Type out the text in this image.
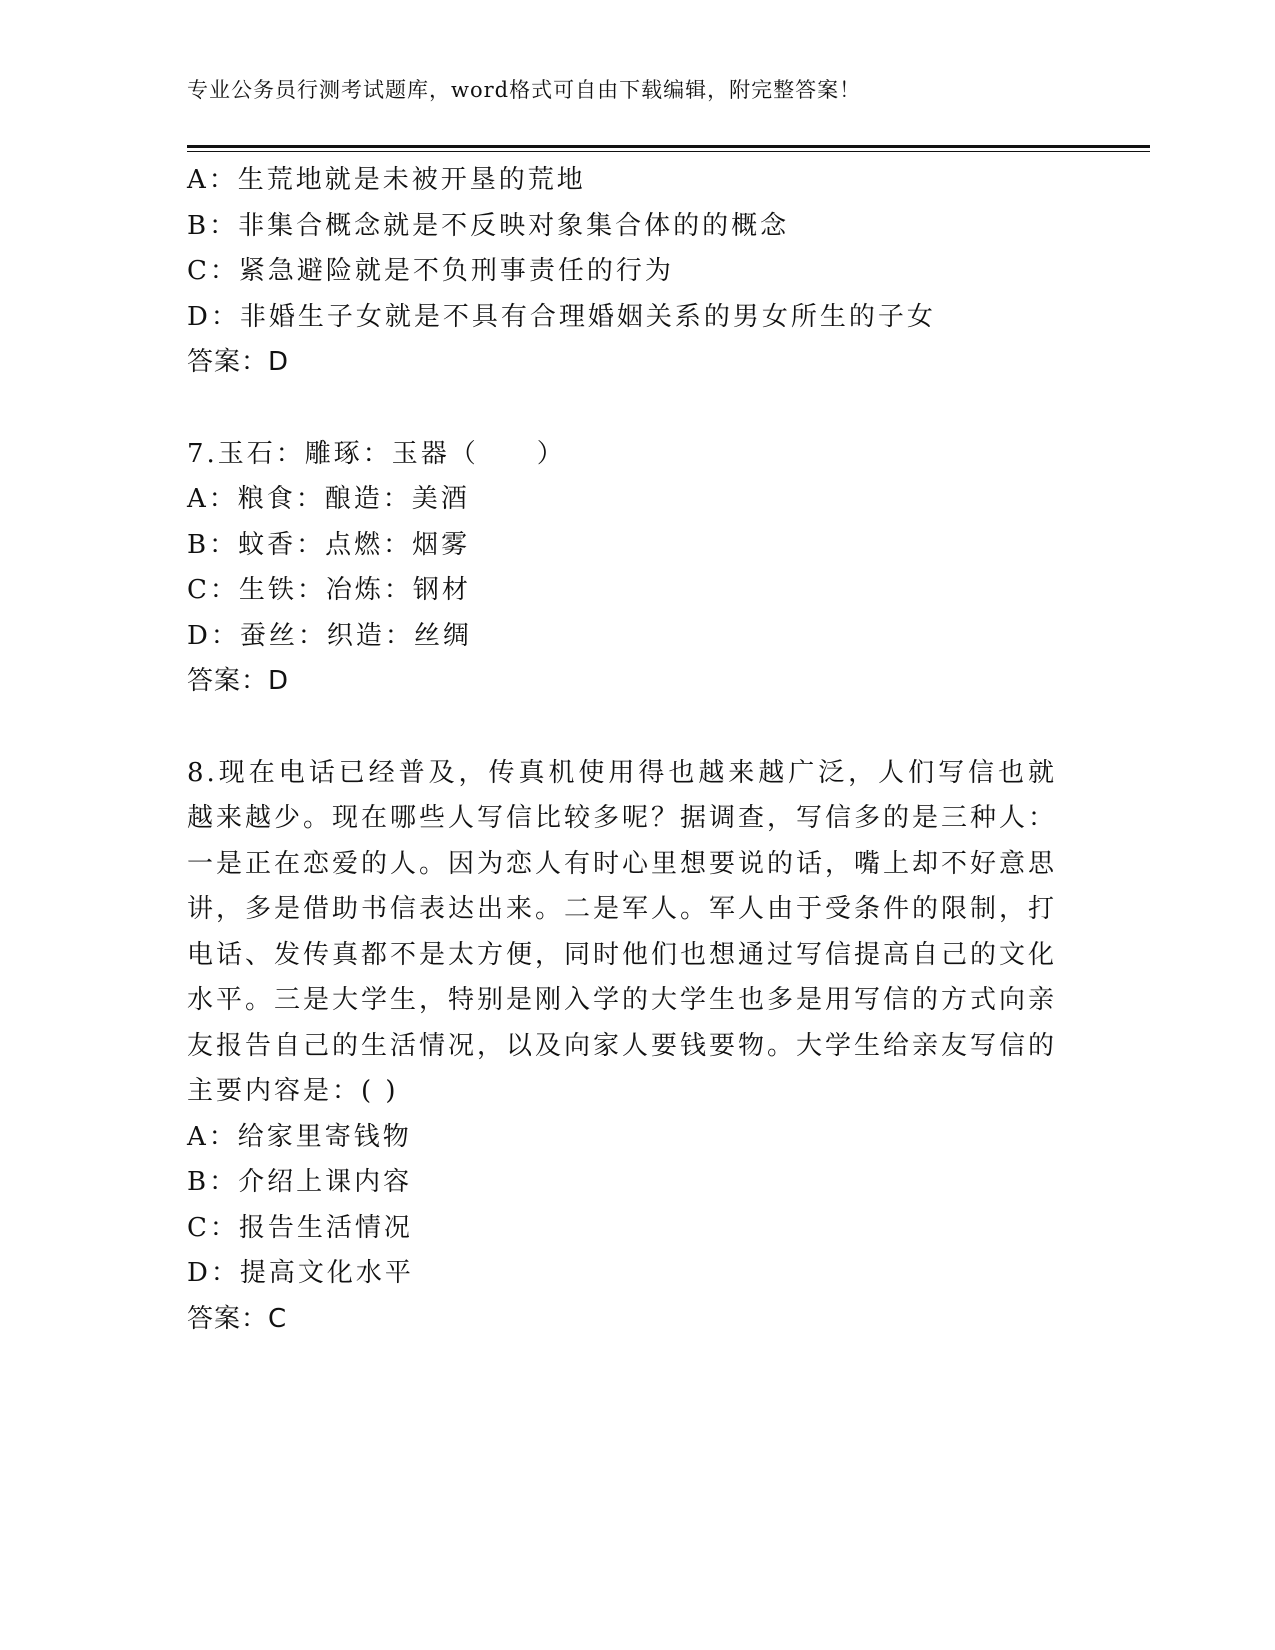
专业公务员行测考试题库，word格式可自由下载编辑，附完整答案！
A：生荒地就是未被开垦的荒地
B：非集合概念就是不反映对象集合体的的概念
C：紧急避险就是不负刑事责任的行为
D：非婚生子女就是不具有合理婚姻关系的男女所生的子女
答案：D
7.玉石：雕琢：玉器（　　）
A：粮食：酿造：美酒
B：蚊香：点燃：烟雾
C：生铁：冶炼：钢材
D：蚕丝：织造：丝绸
答案：D
8.现在电话已经普及，传真机使用得也越来越广泛，人们写信也就越来越少。现在哪些人写信比较多呢？据调查，写信多的是三种人：一是正在恋爱的人。因为恋人有时心里想要说的话，嘴上却不好意思讲，多是借助书信表达出来。二是军人。军人由于受条件的限制，打电话、发传真都不是太方便，同时他们也想通过写信提高自己的文化水平。三是大学生，特别是刚入学的大学生也多是用写信的方式向亲友报告自己的生活情况，以及向家人要钱要物。大学生给亲友写信的主要内容是：( )
A：给家里寄钱物
B：介绍上课内容
C：报告生活情况
D：提高文化水平
答案：C
